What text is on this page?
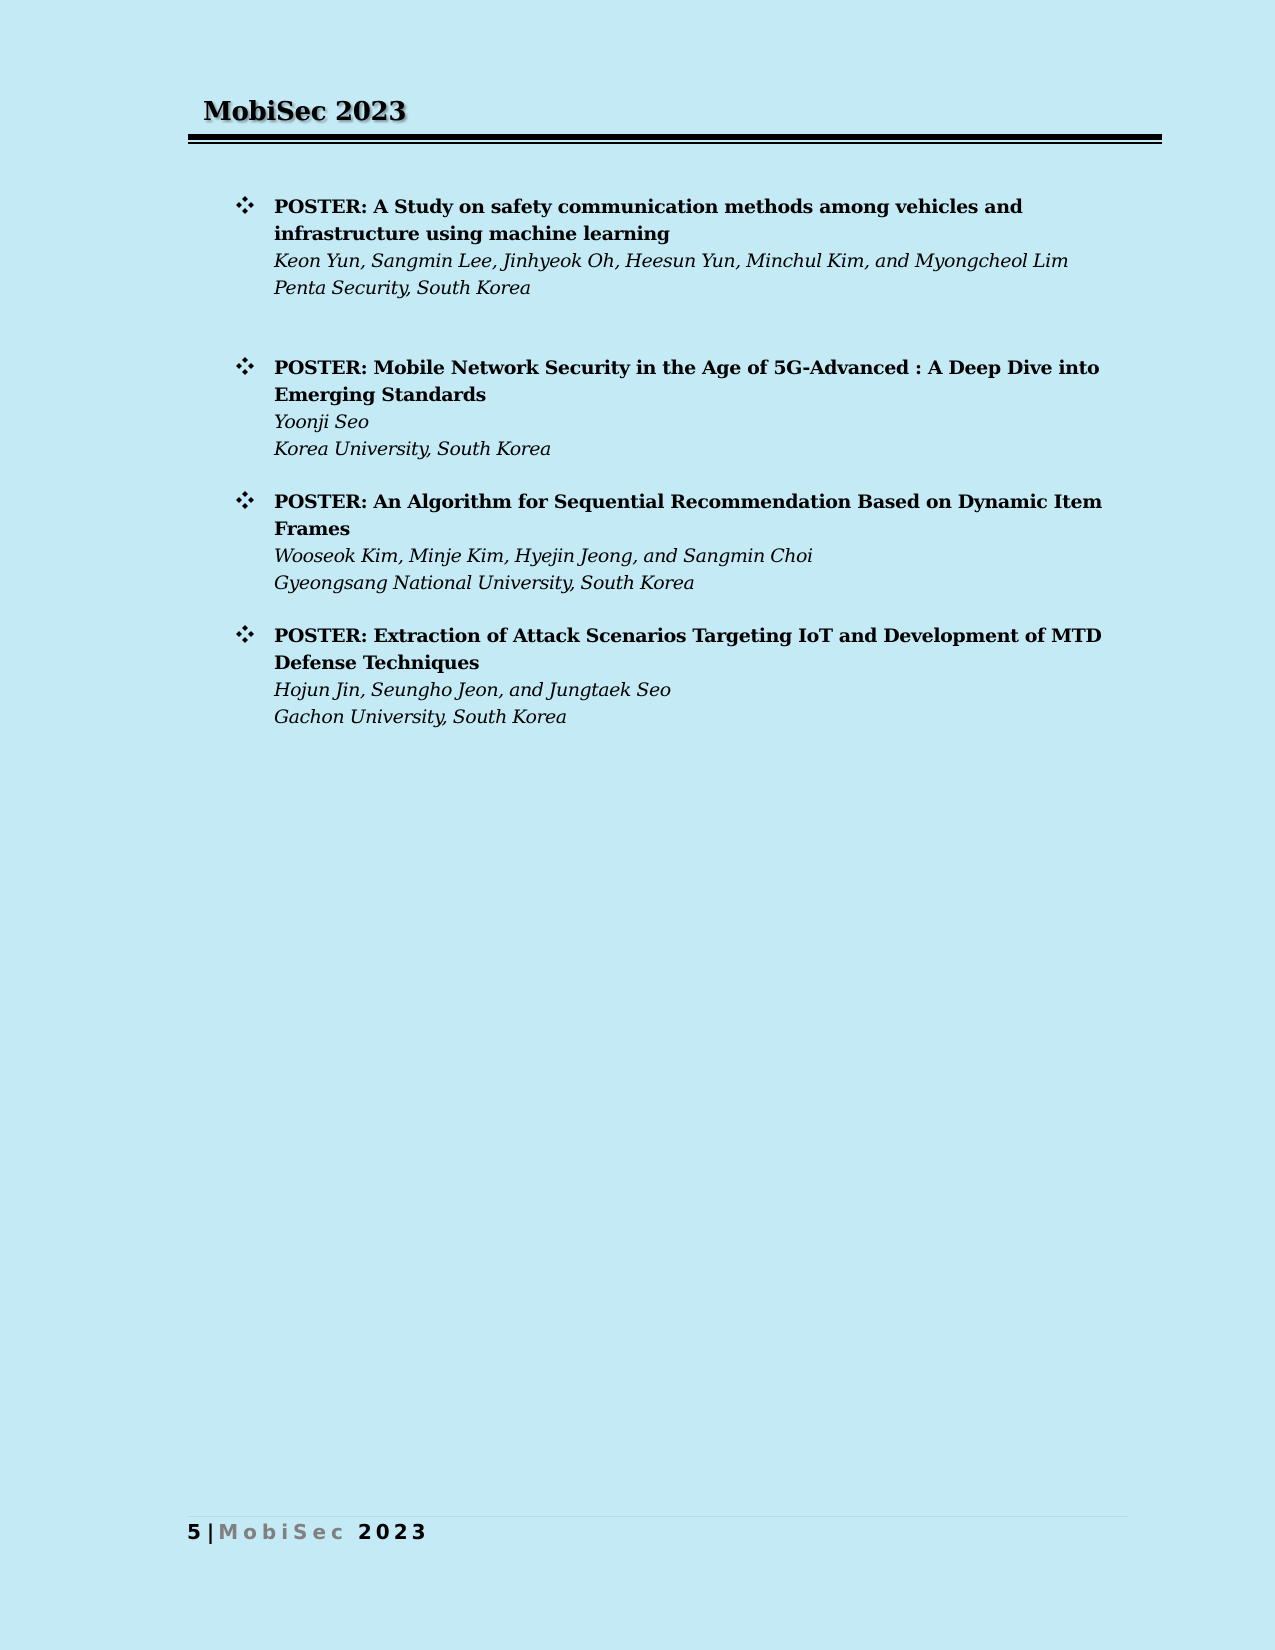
MobiSec 2023

POSTER: A Study on safety communication methods among vehicles and infrastructure using machine learning

Keon Yun, Sangmin Lee, Jinhyeok Oh, Heesun Yun, Minchul Kim, and Myongcheol Lim

Penta Security, South Korea

POSTER: Mobile Network Security in the Age of 5G-Advanced : A Deep Dive into Emerging Standards

Yoonji Seo

Korea University, South Korea

POSTER: An Algorithm for Sequential Recommendation Based on Dynamic Item Frames

Wooseok Kim, Minje Kim, Hyejin Jeong, and Sangmin Choi

Gyeongsang National University, South Korea

POSTER: Extraction of Attack Scenarios Targeting IoT and Development of MTD Defense Techniques

Hojun Jin, Seungho Jeon, and Jungtaek Seo

Gachon University, South Korea

5 | MobiSec 2023
